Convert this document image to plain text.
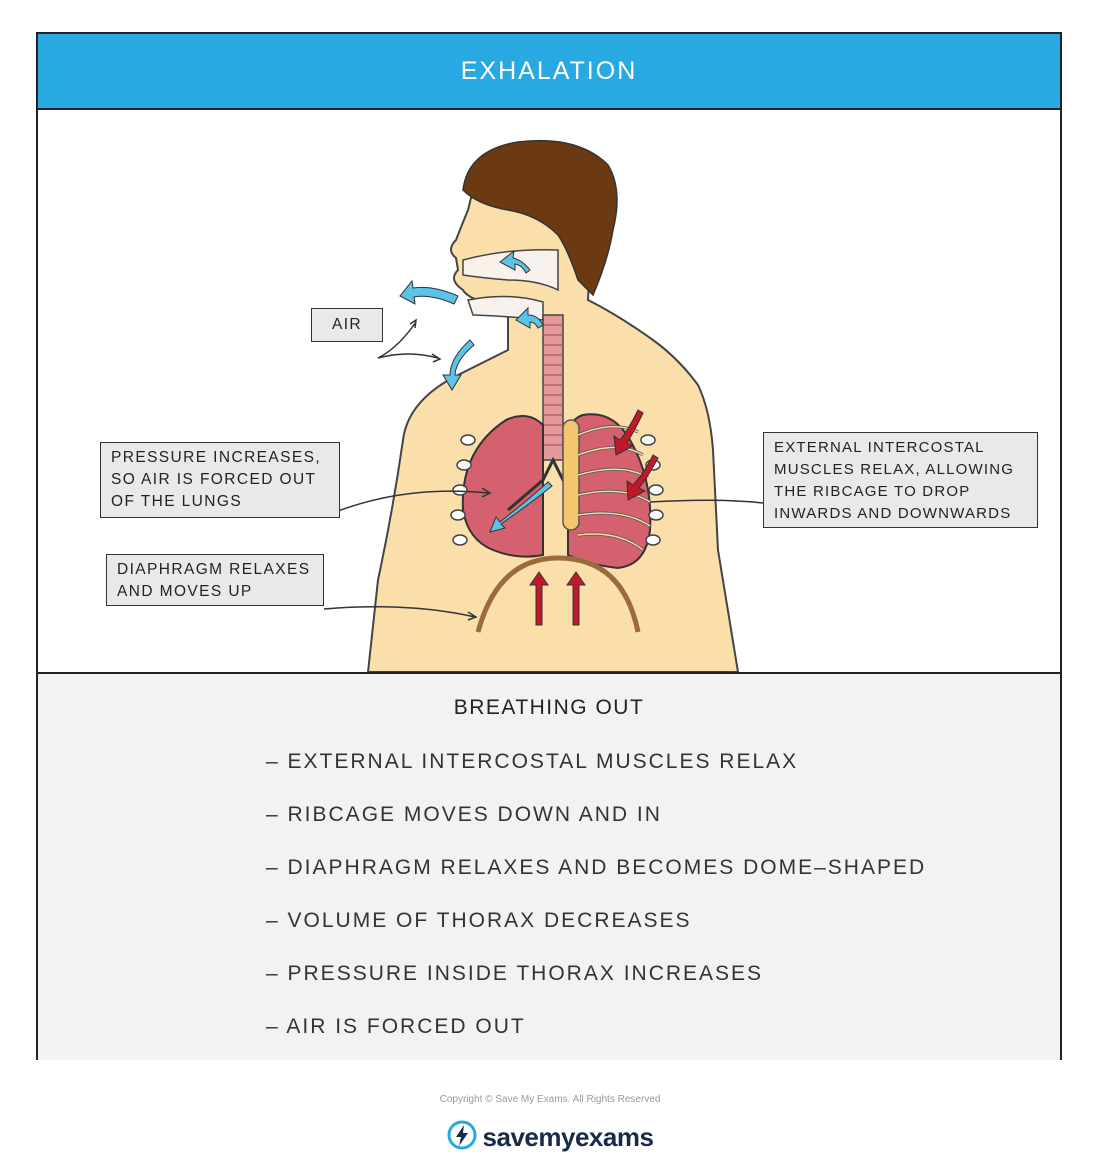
EXHALATION
AIR
PRESSURE INCREASES,
SO AIR IS FORCED OUT
OF THE LUNGS
DIAPHRAGM RELAXES
AND MOVES UP
EXTERNAL INTERCOSTAL
MUSCLES RELAX, ALLOWING
THE RIBCAGE TO DROP
INWARDS AND DOWNWARDS
BREATHING OUT
– EXTERNAL INTERCOSTAL MUSCLES RELAX
– RIBCAGE MOVES DOWN AND IN
– DIAPHRAGM RELAXES AND BECOMES DOME–SHAPED
– VOLUME OF THORAX DECREASES
– PRESSURE INSIDE THORAX INCREASES
– AIR IS FORCED OUT
Copyright © Save My Exams. All Rights Reserved
savemyexams
